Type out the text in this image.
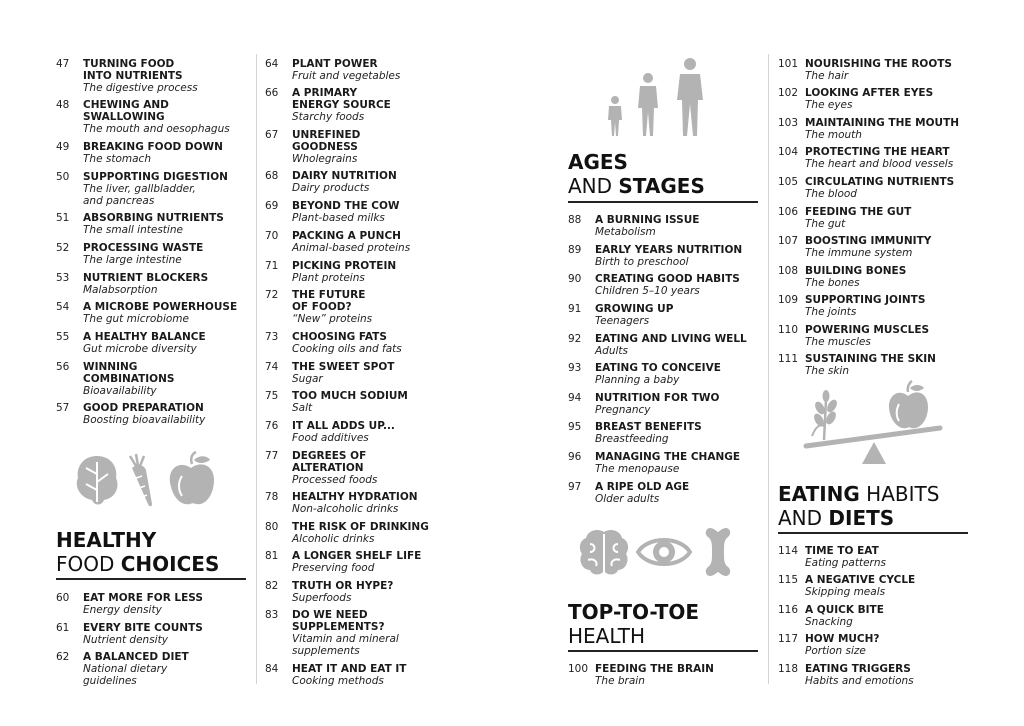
47 TURNING FOOD
INTO NUTRIENTS
The digestive process
48 CHEWING AND
SWALLOWING
The mouth and oesophagus
49 BREAKING FOOD DOWN
The stomach
50 SUPPORTING DIGESTION
The liver, gallbladder,
and pancreas
51 ABSORBING NUTRIENTS
The small intestine
52 PROCESSING WASTE
The large intestine
53 NUTRIENT BLOCKERS
Malabsorption
54 A MICROBE POWERHOUSE
The gut microbiome
55 A HEALTHY BALANCE
Gut microbe diversity
56 WINNING
COMBINATIONS
Bioavailability
57 GOOD PREPARATION
Boosting bioavailability
60 EAT MORE FOR LESS
Energy density
61 EVERY BITE COUNTS
Nutrient density
62 A BALANCED DIET
National dietary
guidelines
HEALTHY
FOOD CHOICES
64 PLANT POWER
Fruit and vegetables
66 A PRIMARY
ENERGY SOURCE
Starchy foods
67 UNREFINED
GOODNESS
Wholegrains
68 DAIRY NUTRITION
Dairy products
69 BEYOND THE COW
Plant-based milks
70 PACKING A PUNCH
Animal-based proteins
71 PICKING PROTEIN
Plant proteins
72 THE FUTURE
OF FOOD?
“New” proteins
73 CHOOSING FATS
Cooking oils and fats
74 THE SWEET SPOT
Sugar
75 TOO MUCH SODIUM
Salt
76 IT ALL ADDS UP...
Food additives
77 DEGREES OF
ALTERATION
Processed foods
78 HEALTHY HYDRATION
Non-alcoholic drinks
80 THE RISK OF DRINKING
Alcoholic drinks
81 A LONGER SHELF LIFE
Preserving food
82 TRUTH OR HYPE?
Superfoods
83 DO WE NEED
SUPPLEMENTS?
Vitamin and mineral
supplements
84 HEAT IT AND EAT IT
Cooking methods
AGES
AND STAGES
88 A BURNING ISSUE
Metabolism
89 EARLY YEARS NUTRITION
Birth to preschool
90 CREATING GOOD HABITS
Children 5–10 years
91 GROWING UP
Teenagers
92 EATING AND LIVING WELL
Adults
93 EATING TO CONCEIVE
Planning a baby
94 NUTRITION FOR TWO
Pregnancy
95 BREAST BENEFITS
Breastfeeding
96 MANAGING THE CHANGE
The menopause
97 A RIPE OLD AGE
Older adults
100 FEEDING THE BRAIN
The brain
TOP-TO-TOE
HEALTH
101 NOURISHING THE ROOTS
The hair
102 LOOKING AFTER EYES
The eyes
103 MAINTAINING THE MOUTH
The mouth
104 PROTECTING THE HEART
The heart and blood vessels
105 CIRCULATING NUTRIENTS
The blood
106 FEEDING THE GUT
The gut
107 BOOSTING IMMUNITY
The immune system
108 BUILDING BONES
The bones
109 SUPPORTING JOINTS
The joints
110 POWERING MUSCLES
The muscles
111 SUSTAINING THE SKIN
The skin
114 TIME TO EAT
Eating patterns
115 A NEGATIVE CYCLE
Skipping meals
116 A QUICK BITE
Snacking
117 HOW MUCH?
Portion size
118 EATING TRIGGERS
Habits and emotions
EATING HABITS
AND DIETS
